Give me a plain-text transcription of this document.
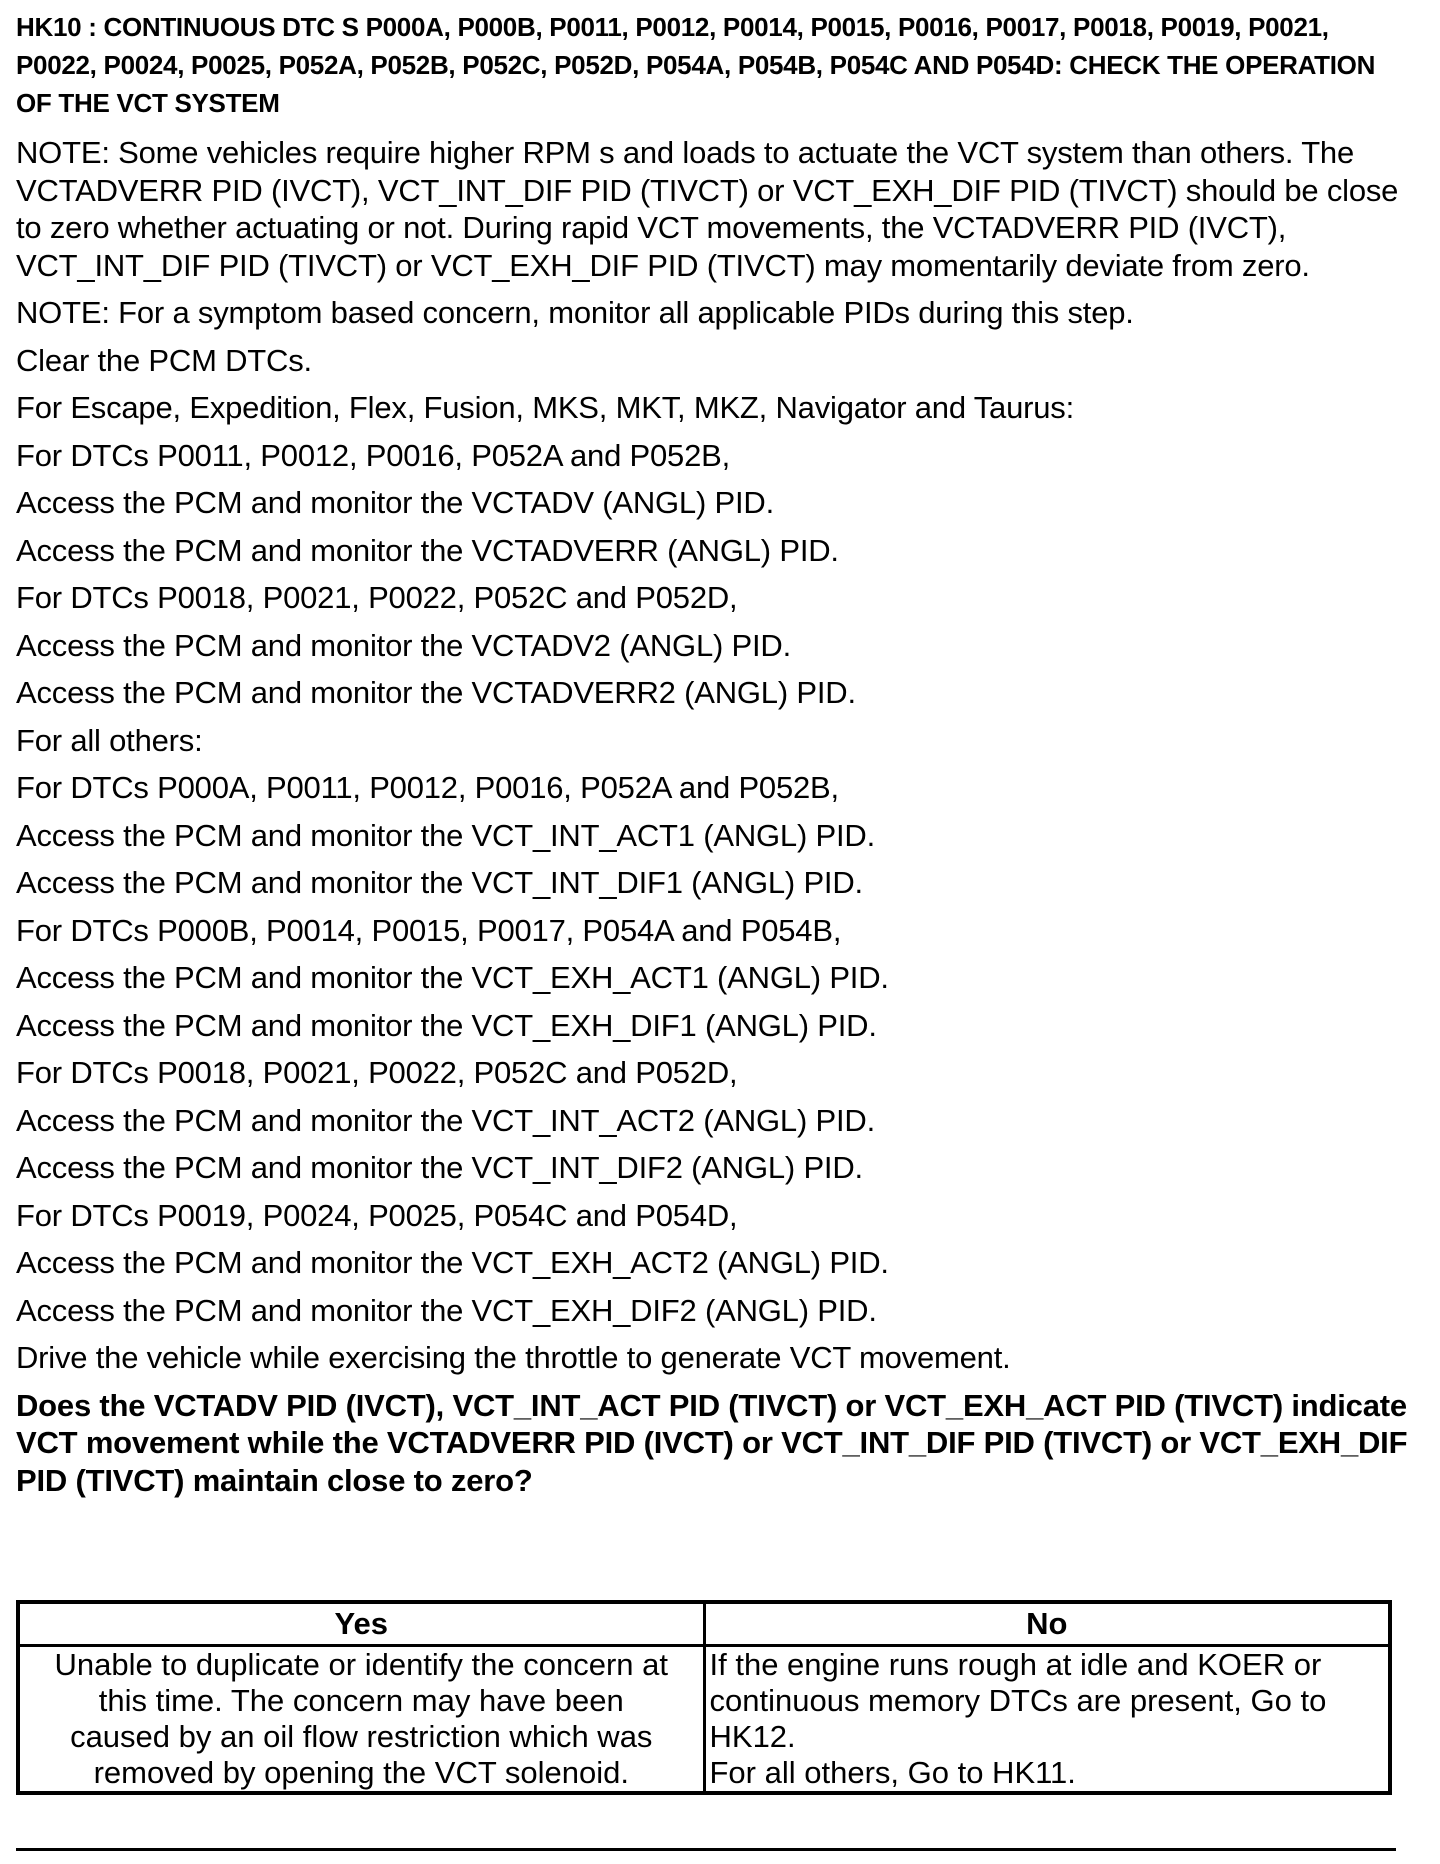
HK10 : CONTINUOUS DTC S P000A, P000B, P0011, P0012, P0014, P0015, P0016, P0017, P0018, P0019, P0021, P0022, P0024, P0025, P052A, P052B, P052C, P052D, P054A, P054B, P054C AND P054D: CHECK THE OPERATION OF THE VCT SYSTEM
NOTE: Some vehicles require higher RPM s and loads to actuate the VCT system than others. The VCTADVERR PID (IVCT), VCT_INT_DIF PID (TIVCT) or VCT_EXH_DIF PID (TIVCT) should be close to zero whether actuating or not. During rapid VCT movements, the VCTADVERR PID (IVCT), VCT_INT_DIF PID (TIVCT) or VCT_EXH_DIF PID (TIVCT) may momentarily deviate from zero.
NOTE: For a symptom based concern, monitor all applicable PIDs during this step.
Clear the PCM DTCs.
For Escape, Expedition, Flex, Fusion, MKS, MKT, MKZ, Navigator and Taurus:
For DTCs P0011, P0012, P0016, P052A and P052B,
Access the PCM and monitor the VCTADV (ANGL) PID.
Access the PCM and monitor the VCTADVERR (ANGL) PID.
For DTCs P0018, P0021, P0022, P052C and P052D,
Access the PCM and monitor the VCTADV2 (ANGL) PID.
Access the PCM and monitor the VCTADVERR2 (ANGL) PID.
For all others:
For DTCs P000A, P0011, P0012, P0016, P052A and P052B,
Access the PCM and monitor the VCT_INT_ACT1 (ANGL) PID.
Access the PCM and monitor the VCT_INT_DIF1 (ANGL) PID.
For DTCs P000B, P0014, P0015, P0017, P054A and P054B,
Access the PCM and monitor the VCT_EXH_ACT1 (ANGL) PID.
Access the PCM and monitor the VCT_EXH_DIF1 (ANGL) PID.
For DTCs P0018, P0021, P0022, P052C and P052D,
Access the PCM and monitor the VCT_INT_ACT2 (ANGL) PID.
Access the PCM and monitor the VCT_INT_DIF2 (ANGL) PID.
For DTCs P0019, P0024, P0025, P054C and P054D,
Access the PCM and monitor the VCT_EXH_ACT2 (ANGL) PID.
Access the PCM and monitor the VCT_EXH_DIF2 (ANGL) PID.
Drive the vehicle while exercising the throttle to generate VCT movement.
Does the VCTADV PID (IVCT), VCT_INT_ACT PID (TIVCT) or VCT_EXH_ACT PID (TIVCT) indicate VCT movement while the VCTADVERR PID (IVCT) or VCT_INT_DIF PID (TIVCT) or VCT_EXH_DIF PID (TIVCT) maintain close to zero?
Yes	No

Unable to duplicate or identify the concern at
this time. The concern may have been
caused by an oil flow restriction which was
removed by opening the VCT solenoid.	If the engine runs rough at idle and KOER or
continuous memory DTCs are present, Go to
HK12.
For all others, Go to HK11.
